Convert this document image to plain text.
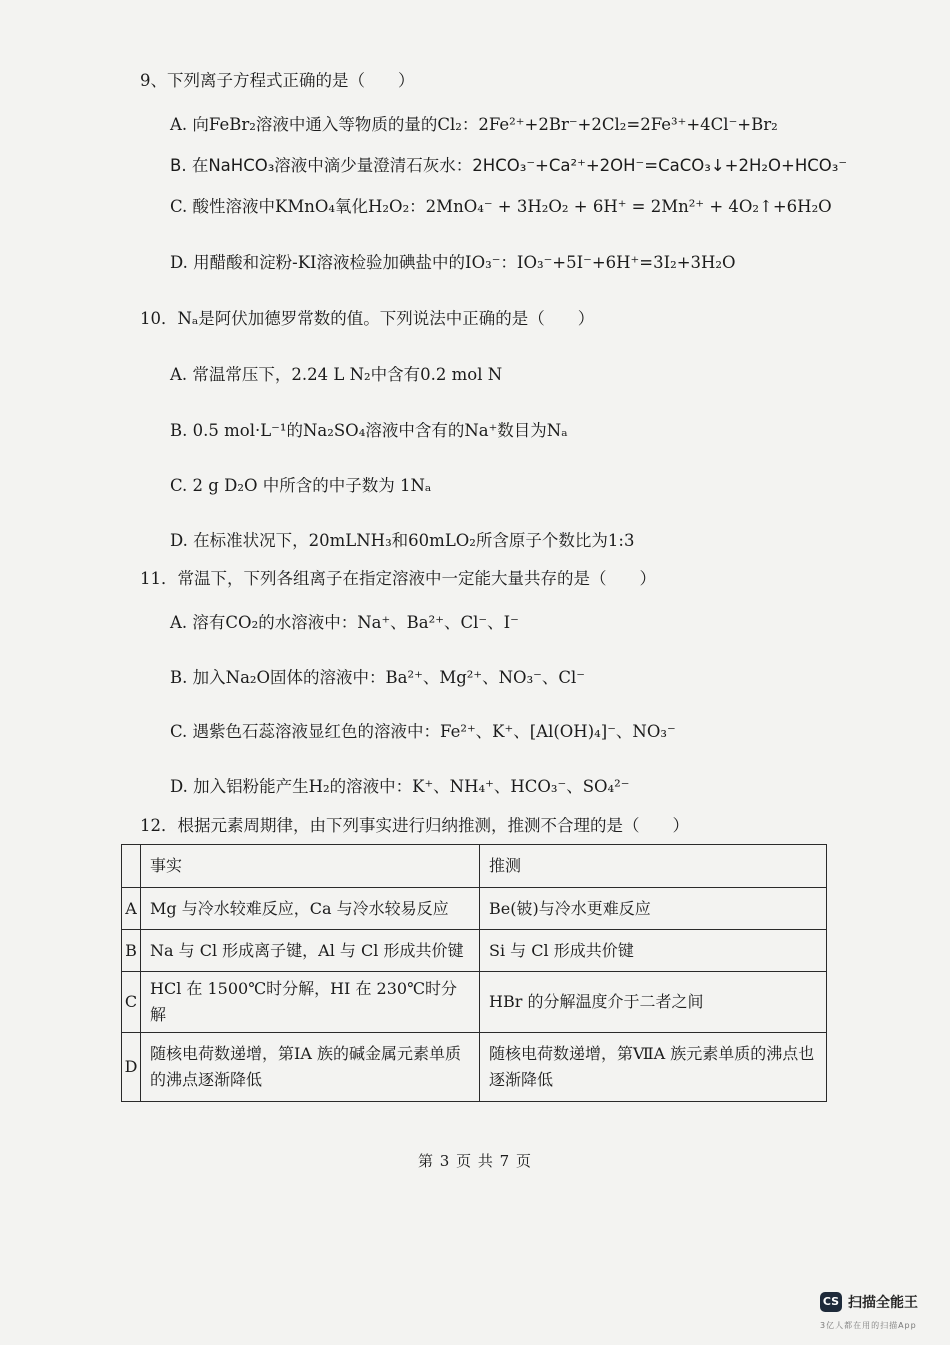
9、下列离子方程式正确的是（　　）
A. 向FeBr₂溶液中通入等物质的量的Cl₂：2Fe²⁺+2Br⁻+2Cl₂=2Fe³⁺+4Cl⁻+Br₂
B. 在NaHCO₃溶液中滴少量澄清石灰水：2HCO₃⁻+Ca²⁺+2OH⁻=CaCO₃↓+2H₂O+HCO₃⁻
C. 酸性溶液中KMnO₄氧化H₂O₂：2MnO₄⁻ + 3H₂O₂ + 6H⁺ = 2Mn²⁺ + 4O₂↑+6H₂O
D. 用醋酸和淀粉-KI溶液检验加碘盐中的IO₃⁻：IO₃⁻+5I⁻+6H⁺=3I₂+3H₂O
10．Nₐ是阿伏加德罗常数的值。下列说法中正确的是（　　）
A. 常温常压下，2.24 L N₂中含有0.2 mol N
B. 0.5 mol·L⁻¹的Na₂SO₄溶液中含有的Na⁺数目为Nₐ
C. 2 g D₂O 中所含的中子数为 1Nₐ
D. 在标准状况下，20mLNH₃和60mLO₂所含原子个数比为1:3
11．常温下，下列各组离子在指定溶液中一定能大量共存的是（　　）
A. 溶有CO₂的水溶液中：Na⁺、Ba²⁺、Cl⁻、I⁻
B. 加入Na₂O固体的溶液中：Ba²⁺、Mg²⁺、NO₃⁻、Cl⁻
C. 遇紫色石蕊溶液显红色的溶液中：Fe²⁺、K⁺、[Al(OH)₄]⁻、NO₃⁻
D. 加入铝粉能产生H₂的溶液中：K⁺、NH₄⁺、HCO₃⁻、SO₄²⁻
12．根据元素周期律，由下列事实进行归纳推测，推测不合理的是（　　）
	事实	推测
A	Mg 与冷水较难反应，Ca 与冷水较易反应	Be(铍)与冷水更难反应
B	Na 与 Cl 形成离子键，Al 与 Cl 形成共价键	Si 与 Cl 形成共价键
C	HCl 在 1500℃时分解，HI 在 230℃时分解	HBr 的分解温度介于二者之间
D	随核电荷数递增，第ⅠA 族的碱金属元素单质的沸点逐渐降低	随核电荷数递增，第ⅦA 族元素单质的沸点也逐渐降低
第 3 页 共 7 页
CS 扫描全能王
3亿人都在用的扫描App
